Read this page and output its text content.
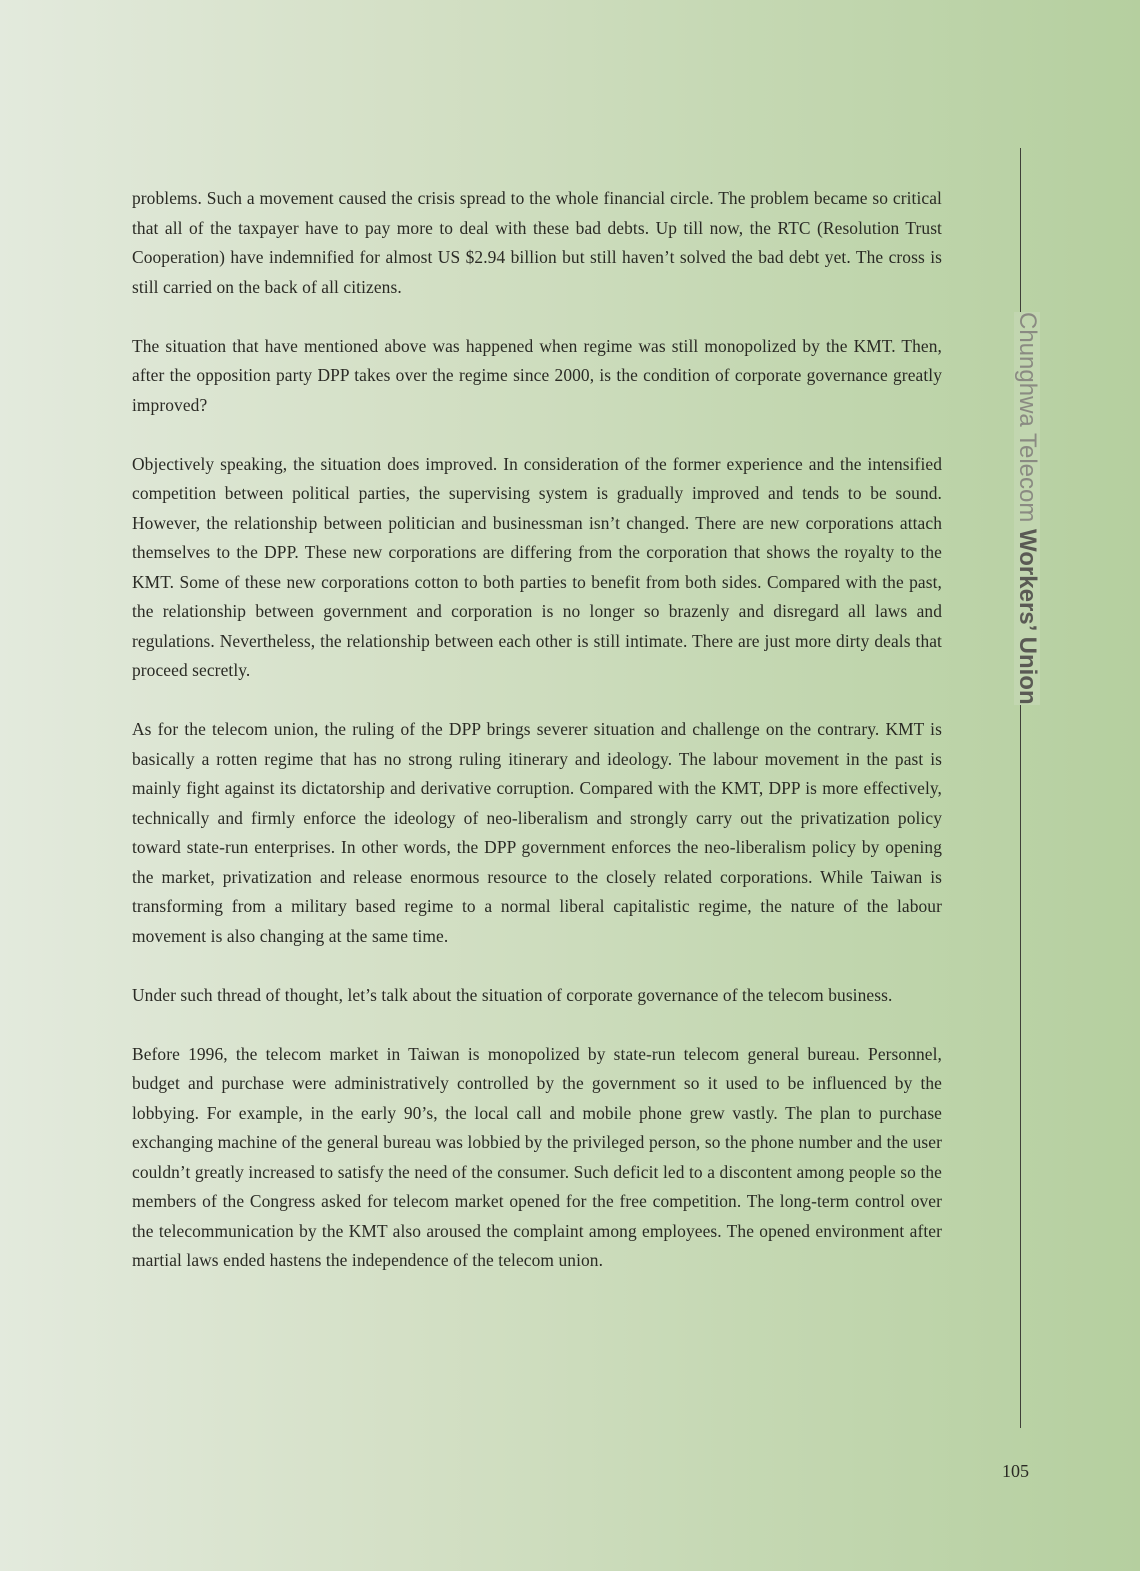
problems. Such a movement caused the crisis spread to the whole financial circle. The problem became so critical that all of the taxpayer have to pay more to deal with these bad debts. Up till now, the RTC (Resolution Trust Cooperation) have indemnified for almost US $2.94 billion but still haven’t solved the bad debt yet. The cross is still carried on the back of all citizens.

The situation that have mentioned above was happened when regime was still monopolized by the KMT. Then, after the opposition party DPP takes over the regime since 2000, is the condition of corporate governance greatly improved?

Objectively speaking, the situation does improved. In consideration of the former experience and the intensified competition between political parties, the supervising system is gradually improved and tends to be sound. However, the relationship between politician and businessman isn’t changed. There are new corporations attach themselves to the DPP. These new corporations are differing from the corporation that shows the royalty to the KMT. Some of these new corporations cotton to both parties to benefit from both sides. Compared with the past, the relationship between government and corporation is no longer so brazenly and disregard all laws and regulations. Nevertheless, the relationship between each other is still intimate. There are just more dirty deals that proceed secretly.

As for the telecom union, the ruling of the DPP brings severer situation and challenge on the contrary. KMT is basically a rotten regime that has no strong ruling itinerary and ideology. The labour movement in the past is mainly fight against its dictatorship and derivative corruption. Compared with the KMT, DPP is more effectively, technically and firmly enforce the ideology of neo-liberalism and strongly carry out the privatization policy toward state-run enterprises. In other words, the DPP government enforces the neo-liberalism policy by opening the market, privatization and release enormous resource to the closely related corporations. While Taiwan is transforming from a military based regime to a normal liberal capitalistic regime, the nature of the labour movement is also changing at the same time.

Under such thread of thought, let’s talk about the situation of corporate governance of the telecom business.

Before 1996, the telecom market in Taiwan is monopolized by state-run telecom general bureau. Personnel, budget and purchase were administratively controlled by the government so it used to be influenced by the lobbying. For example, in the early 90’s, the local call and mobile phone grew vastly. The plan to purchase exchanging machine of the general bureau was lobbied by the privileged person, so the phone number and the user couldn’t greatly increased to satisfy the need of the consumer. Such deficit led to a discontent among people so the members of the Congress asked for telecom market opened for the free competition. The long-term control over the telecommunication by the KMT also aroused the complaint among employees. The opened environment after martial laws ended hastens the independence of the telecom union.

Chunghwa Telecom Workers’ Union
105
